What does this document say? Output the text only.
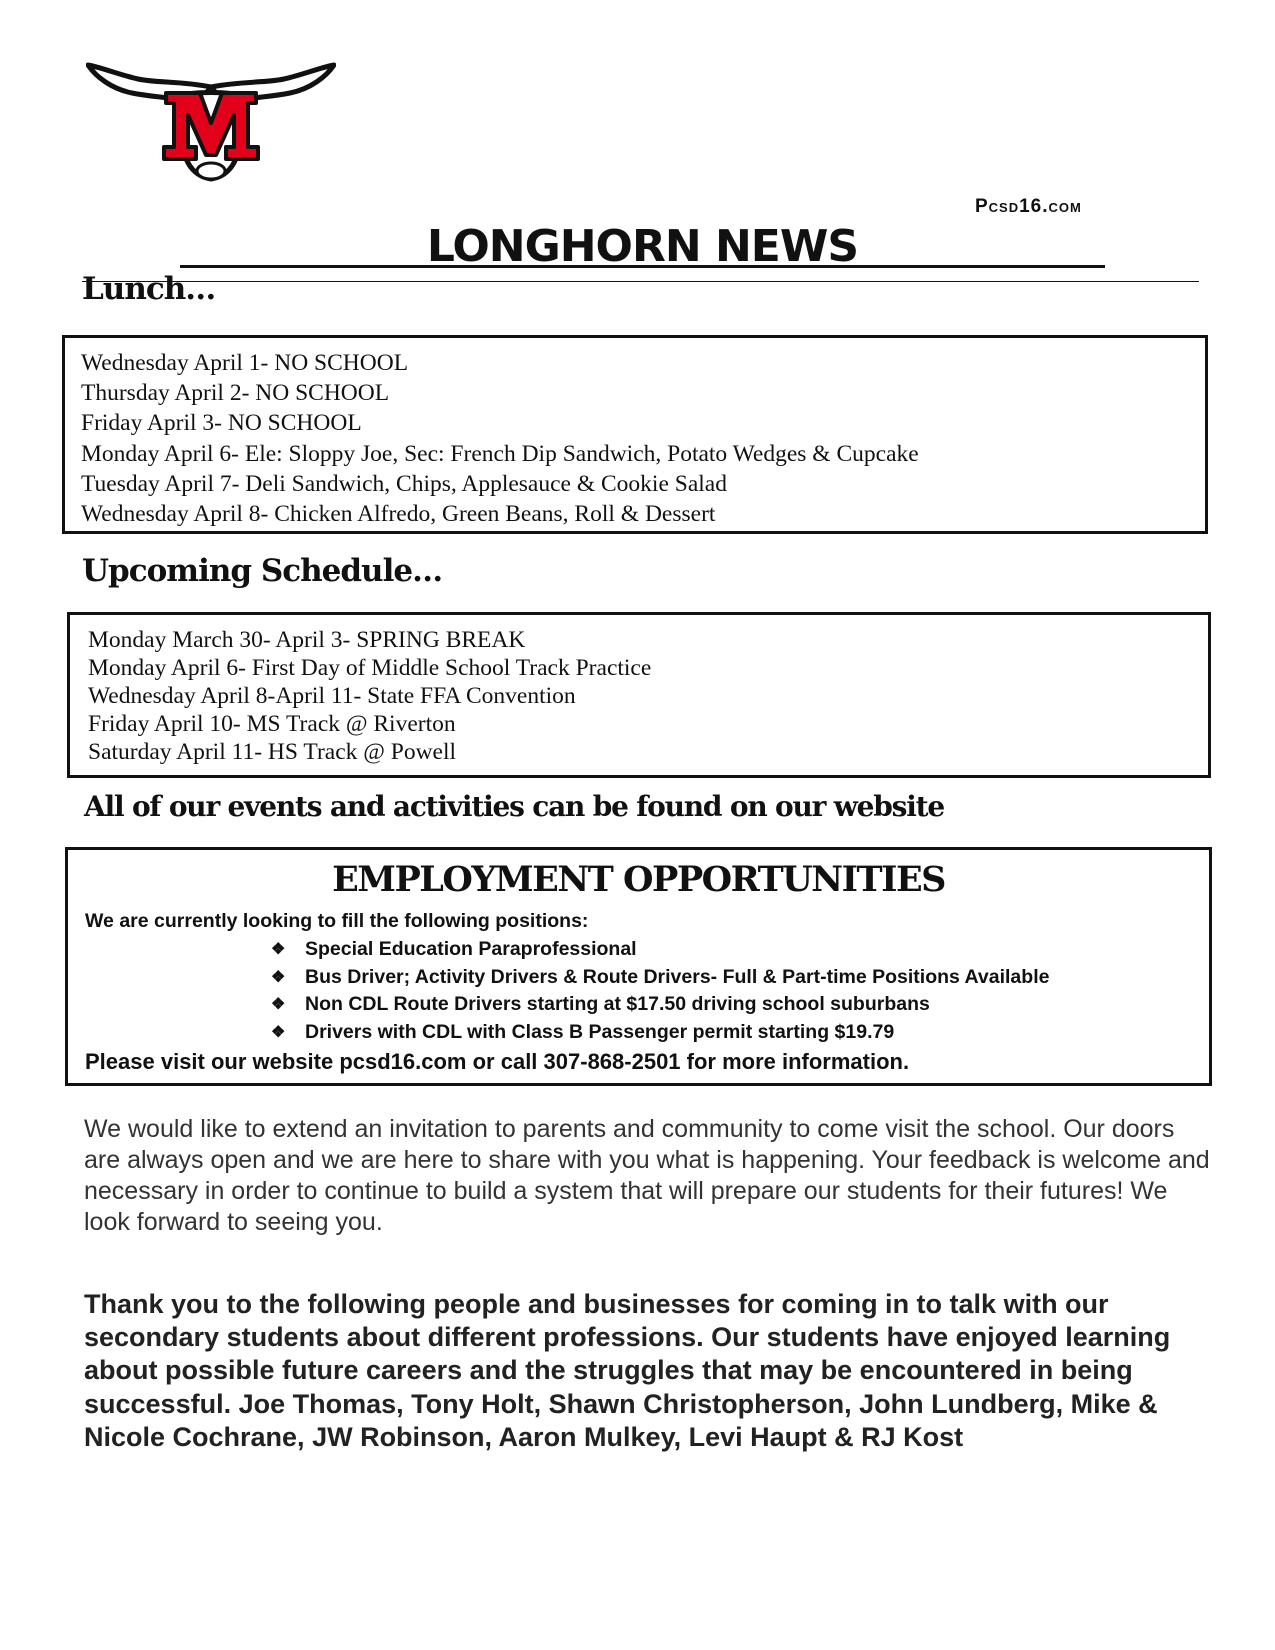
Pcsd16.com

LONGHORN NEWS
Lunch…
Wednesday April 1- NO SCHOOL
Thursday April 2- NO SCHOOL
Friday April 3- NO SCHOOL
Monday April 6- Ele: Sloppy Joe, Sec: French Dip Sandwich, Potato Wedges & Cupcake
Tuesday April 7- Deli Sandwich, Chips, Applesauce & Cookie Salad
Wednesday April 8- Chicken Alfredo, Green Beans, Roll & Dessert
Upcoming Schedule…
Monday March 30- April 3- SPRING BREAK
Monday April 6- First Day of Middle School Track Practice
Wednesday April 8-April 11- State FFA Convention
Friday April 10- MS Track @ Riverton
Saturday April 11- HS Track @ Powell

All of our events and activities can be found on our website

EMPLOYMENT OPPORTUNITIES

We are currently looking to fill the following positions:

❖	Special Education Paraprofessional
❖	Bus Driver; Activity Drivers & Route Drivers- Full & Part-time Positions Available
❖	Non CDL Route Drivers starting at $17.50 driving school suburbans
❖	Drivers with CDL with Class B Passenger permit starting $19.79

Please visit our website pcsd16.com or call 307-868-2501 for more information.

We would like to extend an invitation to parents and community to come visit the school. Our doors are always open and we are here to share with you what is happening. Your feedback is welcome and necessary in order to continue to build a system that will prepare our students for their futures! We look forward to seeing you.

Thank you to the following people and businesses for coming in to talk with our secondary students about different professions. Our students have enjoyed learning about possible future careers and the struggles that may be encountered in being successful. Joe Thomas, Tony Holt, Shawn Christopherson, John Lundberg, Mike & Nicole Cochrane, JW Robinson, Aaron Mulkey, Levi Haupt & RJ Kost
